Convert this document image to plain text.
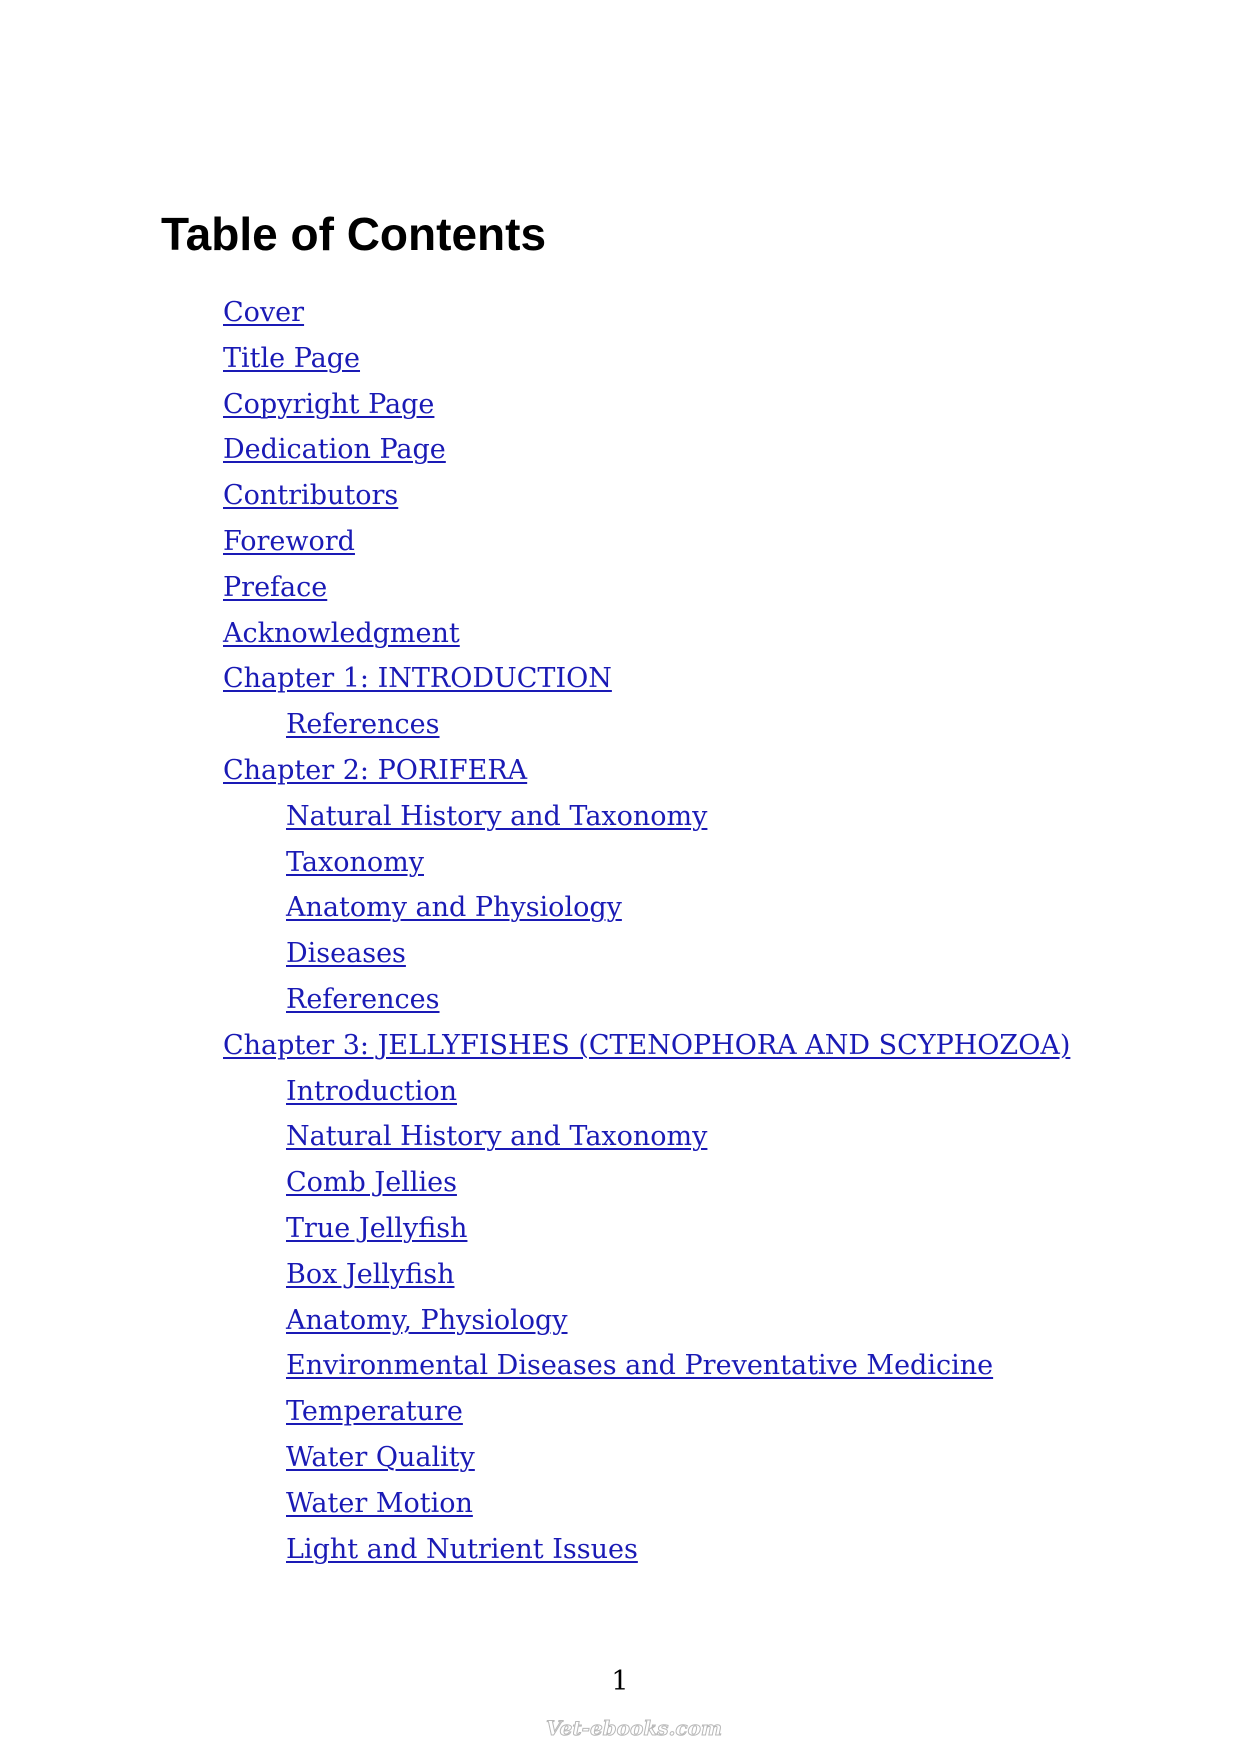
Table of Contents
Cover
Title Page
Copyright Page
Dedication Page
Contributors
Foreword
Preface
Acknowledgment
Chapter 1: INTRODUCTION
References
Chapter 2: PORIFERA
Natural History and Taxonomy
Taxonomy
Anatomy and Physiology
Diseases
References
Chapter 3: JELLYFISHES (CTENOPHORA AND SCYPHOZOA)
Introduction
Natural History and Taxonomy
Comb Jellies
True Jellyfish
Box Jellyfish
Anatomy, Physiology
Environmental Diseases and Preventative Medicine
Temperature
Water Quality
Water Motion
Light and Nutrient Issues
1
Vet-ebooks.com
